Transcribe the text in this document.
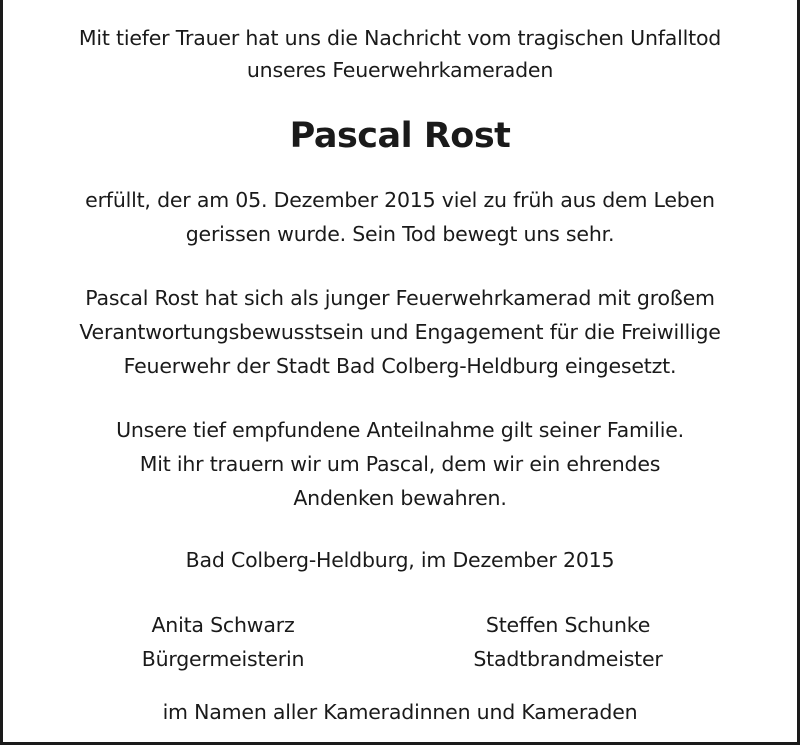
Mit tiefer Trauer hat uns die Nachricht vom tragischen Unfalltod
unseres Feuerwehrkameraden
Pascal Rost
erfüllt, der am 05. Dezember 2015 viel zu früh aus dem Leben
gerissen wurde. Sein Tod bewegt uns sehr.
Pascal Rost hat sich als junger Feuerwehrkamerad mit großem
Verantwortungsbewusstsein und Engagement für die Freiwillige
Feuerwehr der Stadt Bad Colberg-Heldburg eingesetzt.
Unsere tief empfundene Anteilnahme gilt seiner Familie.
Mit ihr trauern wir um Pascal, dem wir ein ehrendes
Andenken bewahren.
Bad Colberg-Heldburg, im Dezember 2015
Anita Schwarz
Bürgermeisterin
Steffen Schunke
Stadtbrandmeister
im Namen aller Kameradinnen und Kameraden
